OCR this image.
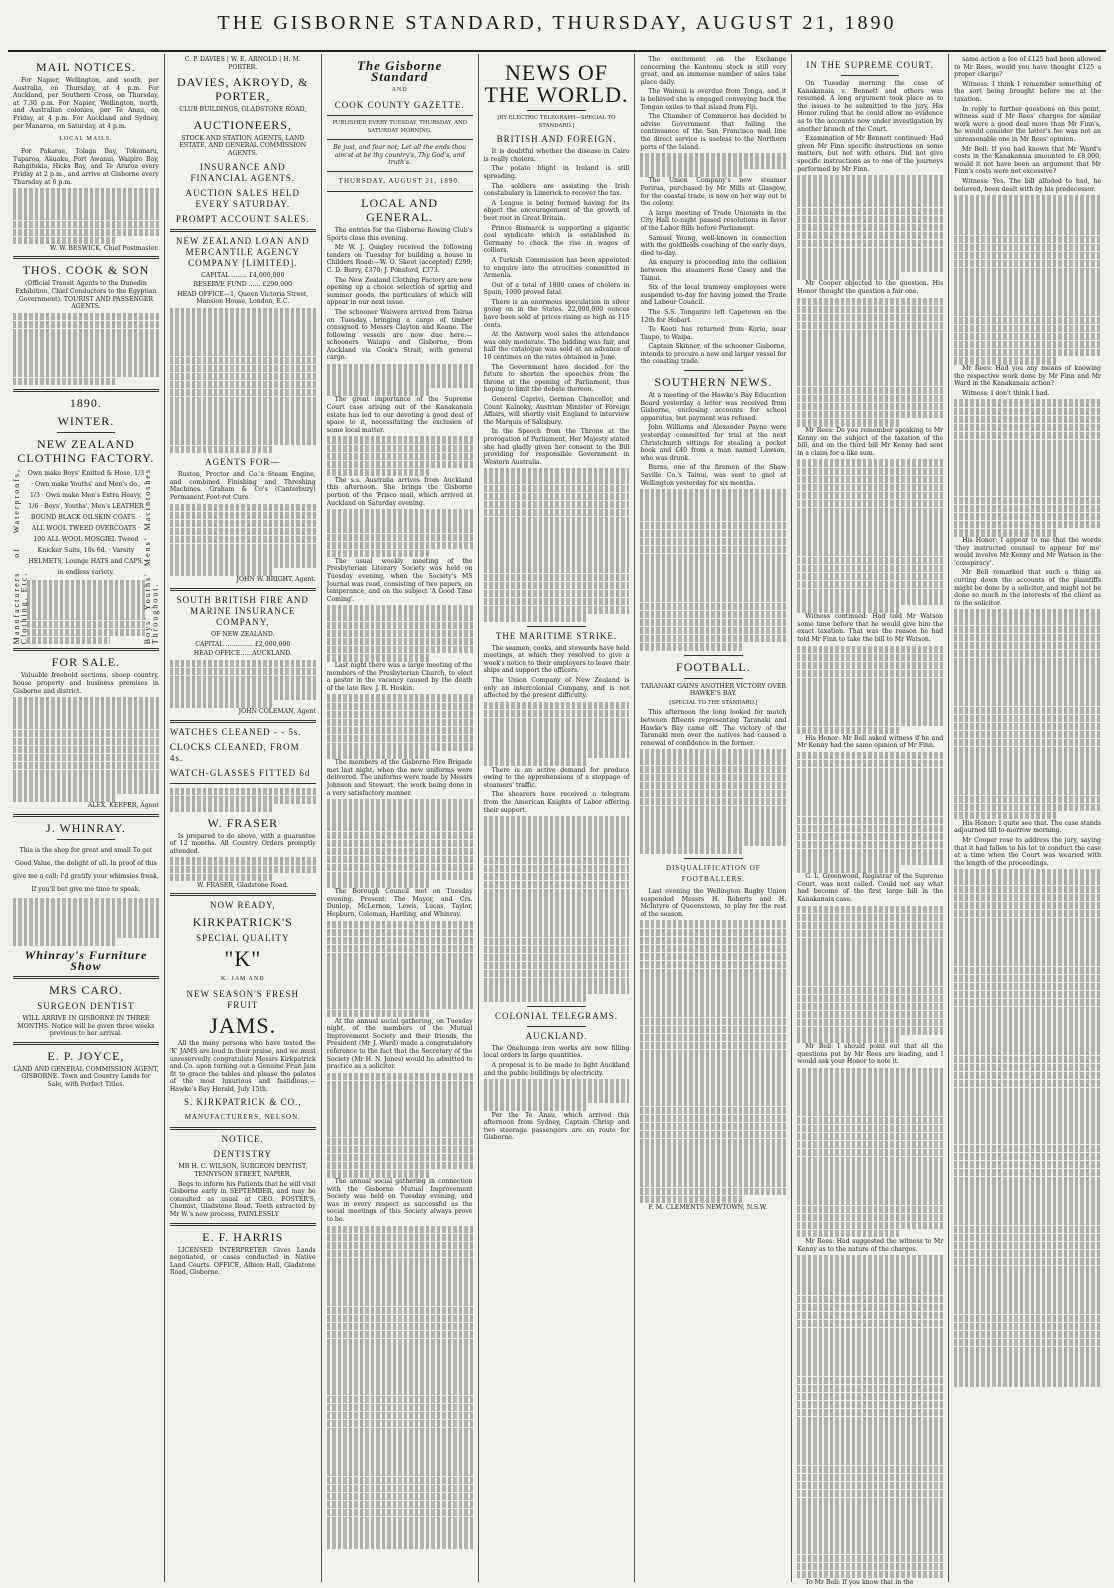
THE GISBORNE STANDARD, THURSDAY, AUGUST 21, 1890
MAIL NOTICES.

For Napier, Wellington, and south, per Australia, on Thursday, at 4 p.m. For Auckland, per Southern Cross, on Thursday, at 7.30 p.m. For Napier, Wellington, north, and Australian colonies, per Te Anau, on Friday, at 4 p.m. For Auckland and Sydney, per Manaroa, on Saturday, at 4 p.m.

LOCAL MAILS.

For Pakarae, Tolaga Bay, Tokomaru, Tuparoa, Akuaku, Port Awanui, Waipiro Bay, Rangitukia, Hicks Bay, and Te Araroa every Friday at 2 p.m., and arrive at Gisborne every Thursday at 6 p.m.

W. W. BESWICK, Chief Postmaster.

THOS. COOK & SON

(Official Transit Agents to the Dunedin Exhibition, Chief Conductors to the Egyptian Government). TOURIST AND PASSENGER AGENTS.

1890.
WINTER.
NEW ZEALAND CLOTHING FACTORY.
Manufacturers of Waterproofs, Clothing, Etc.	Boys' Youths' Mens' Macintoshes Throughout.

Own make Boys' Knitted & Hose, 1/3 · Own make Youths' and Men's do., 1/3 · Own make Men's Extra Heavy, 1/6 · Boys', Youths', Men's LEATHER BOUND BLACK OILSKIN COATS. · ALL WOOL TWEED OVERCOATS · 100 ALL WOOL MOSGIEL Tweed Knicker Suits, 10s 6d. · Varsity HELMETS, Lounge HATS and CAPS, in endless variety.

FOR SALE.

Valuable freehold sections, sheep country, house property and business premises in Gisborne and district.

ALEX. KEEFER, Agent

J. WHINRAY.

This is the shop for great and small To get Good Value, the delight of all. In proof of this give me a call; I'd gratify your whimsies freak, If you'll but give me time to speak.

Whinray's Furniture Show
MRS CARO.
SURGEON DENTIST

WILL ARRIVE IN GISBORNE IN THREE MONTHS. Notice will be given three weeks previous to her arrival.

E. P. JOYCE,

LAND AND GENERAL COMMISSION AGENT, GISBORNE. Town and Country Lands for Sale, with Perfect Titles.

C. P. DAVIES | W. E. ARNOLD | H. M. PORTER.

DAVIES, AKROYD, & PORTER,

CLUB BUILDINGS, GLADSTONE ROAD,

AUCTIONEERS,

STOCK AND STATION AGENTS, LAND ESTATE, AND GENERAL COMMISSION AGENTS.

INSURANCE AND FINANCIAL AGENTS.
AUCTION SALES HELD EVERY SATURDAY.
PROMPT ACCOUNT SALES.
NEW ZEALAND LOAN AND MERCANTILE AGENCY COMPANY [LIMITED].

CAPITAL ........ £4,000,000

RESERVE FUND ...... £290,000

HEAD OFFICE—1, Queen Victoria Street, Mansion House, London, E.C.

AGENTS FOR—

Ruston, Proctor and Co.'s Steam Engine, and combined Finishing and Threshing Machines. Graham & Co's (Canterbury) Permanent Foot-rot Cure.

JOHN W. BRIGHT, Agent.

SOUTH BRITISH FIRE AND MARINE INSURANCE COMPANY,

OF NEW ZEALAND.

CAPITAL .............. £2,000,000

HEAD OFFICE......AUCKLAND.

JOHN COLEMAN, Agent

WATCHES CLEANED - - 5s.
CLOCKS CLEANED, FROM 4s.
WATCH-GLASSES FITTED 6d
W. FRASER

Is prepared to do above, with a guarantee of 12 months. All Country Orders promptly attended.

W. FRASER, Gladstone Road.

NOW READY,
KIRKPATRICK'S
SPECIAL QUALITY
"K"
K. JAM AND
NEW SEASON'S FRESH FRUIT
JAMS.

All the many persons who have tested the 'K' JAMS are loud in their praise, and we must unreservedly congratulate Messrs Kirkpatrick and Co. upon turning out a Genuine Fruit Jam fit to grace the tables and please the palates of the most luxurious and fastidious.—Hawke's Bay Herald, July 15th.

S. KIRKPATRICK & CO.,
MANUFACTURERS, NELSON.
NOTICE.
DENTISTRY

MR H. C. WILSON, SURGEON DENTIST, TENNYSON STREET, NAPIER,

Begs to inform his Patients that he will visit Gisborne early in SEPTEMBER, and may be consulted as usual at GEO. FOSTER'S, Chemist, Gladstone Road. Teeth extracted by Mr W.'s new process, PAINLESSLY

E. F. HARRIS

LICENSED INTERPRETER Gives Lands negotiated, or cases conducted in Native Land Courts. OFFICE, Albion Hall, Gladstone Road, Gisborne.

The Gisborne Standard
AND
COOK COUNTY GAZETTE.

PUBLISHED EVERY TUESDAY, THURSDAY, AND SATURDAY MORNING.

Be just, and fear not; Let all the ends thou aim'st at be thy country's, Thy God's, and truth's.

THURSDAY, AUGUST 21, 1890.
LOCAL AND GENERAL.

The entries for the Gisborne Rowing Club's Sports close this evening.

Mr W. J. Quigley received the following tenders on Tuesday for building a house in Childers Road:—W. O. Skeet (accepted) £299; C. D. Berry, £370; J. Ponsford, £373.

The New Zealand Clothing Factory are now opening up a choice selection of spring and summer goods, the particulars of which will appear in our next issue.

The schooner Waiwera arrived from Tairua on Tuesday, bringing a cargo of timber consigned to Messrs Clayton and Keane. The following vessels are now due here:—schooners Waiapu and Gisborne, from Auckland via Cook's Strait, with general cargo.

The great importance of the Supreme Court case arising out of the Kanakanaia estate has led to our devoting a good deal of space to it, necessitating the exclusion of some local matter.

The s.s. Australia arrives from Auckland this afternoon. She brings the Gisborne portion of the 'Frisco mail, which arrived at Auckland on Saturday evening.

The usual weekly meeting of the Presbyterian Literary Society was held on Tuesday evening, when the Society's MS Journal was read, consisting of two papers, on temperance, and on the subject 'A Good Time Coming'.

Last night there was a large meeting of the members of the Presbyterian Church, to elect a pastor in the vacancy caused by the death of the late Rev. J. R. Hoskin.

The members of the Gisborne Fire Brigade met last night, when the new uniforms were delivered. The uniforms were made by Messrs Johnson and Stewart, the work being done in a very satisfactory manner.

The Borough Council met on Tuesday evening. Present: The Mayor, and Crs. Dunlop, McLernon, Lewis, Lucas, Taylor, Hepburn, Coleman, Harding, and Whinray.

At the annual social gathering, on Tuesday night, of the members of the Mutual Improvement Society and their friends, the President (Mr J. Ward) made a congratulatory reference to the fact that the Secretary of the Society (Mr H. N. Jones) would be admitted to practice as a solicitor.

The annual social gathering in connection with the Gisborne Mutual Improvement Society was held on Tuesday evening, and was in every respect as successful as the social meetings of this Society always prove to be.

NEWS OF THE WORLD.

[BY ELECTRIC TELEGRAPH—SPECIAL TO STANDARD.]

BRITISH AND FOREIGN.

It is doubtful whether the disease in Cairo is really cholera.

The potato blight in Ireland is still spreading.

The soldiers are assisting the Irish constabulary in Limerick to recover the tax.

A League is being formed having for its object the encouragement of the growth of beet root in Great Britain.

Prince Bismarck is supporting a gigantic coal syndicate which is established in Germany to check the rise in wages of colliers.

A Turkish Commission has been appointed to enquire into the atrocities committed in Armenia.

Out of a total of 1800 cases of cholera in Spain, 1000 proved fatal.

There is an enormous speculation in silver going on in the States. 22,000,000 ounces have been sold at prices rising as high as 115 cents.

At the Antwerp wool sales the attendance was only moderate. The bidding was fair, and half the catalogue was sold at an advance of 10 centimes on the rates obtained in June.

The Government have decided for the future to shorten the speeches from the throne at the opening of Parliament, thus hoping to limit the debate thereon.

General Caprivi, German Chancellor, and Count Kalnoky, Austrian Minister of Foreign Affairs, will shortly visit England to interview the Marquis of Salisbury.

In the Speech from the Throne at the prorogation of Parliament, Her Majesty stated she had gladly given her consent to the Bill providing for responsible Government in Western Australia.

THE MARITIME STRIKE.

The seamen, cooks, and stewards have held meetings, at which they resolved to give a week's notice to their employers to leave their ships and support the officers.

The Union Company of New Zealand is only an intercolonial Company, and is not affected by the present difficulty.

There is an active demand for produce owing to the apprehensions of a stoppage of steamers' traffic.

The shearers have received a telegram from the American Knights of Labor offering their support.

COLONIAL TELEGRAMS.
AUCKLAND.

The Onehunga iron works are now filling local orders in large quantities.

A proposal is to be made to light Auckland and the public buildings by electricity.

Per the Te Anau, which arrived this afternoon from Sydney, Captain Chrisp and two steerage passengers are en route for Gisborne.

The excitement on the Exchange concerning the Kantomu stock is still very great, and an immense number of sales take place daily.

The Waimui is overdue from Tonga, and it is believed she is engaged conveying back the Tongan exiles to that island from Fiji.

The Chamber of Commerce has decided to advise Government that failing the continuance of the San Francisco mail line the direct service is useless to the Northern ports of the Island.

The Union Company's new steamer Porirua, purchased by Mr Mills at Glasgow, for the coastal trade, is now on her way out to the colony.

A large meeting of Trade Unionists in the City Hall to-night passed resolutions in favor of the Labor Bills before Parliament.

Samuel Young, well-known in connection with the goldfields coaching of the early days, died to-day.

An enquiry is proceeding into the collision between the steamers Rose Casey and the Tainui.

Six of the local tramway employees were suspended to-day for having joined the Trade and Labour Council.

The S.S. Tongariro left Capetown on the 12th for Hobart.

Te Kooti has returned from Korio, near Taupo, to Waipa.

Captain Skinner, of the schooner Gisborne, intends to procure a new and larger vessel for the coasting trade.

SOUTHERN NEWS.

At a meeting of the Hawke's Bay Education Board yesterday a letter was received from Gisborne, enclosing accounts for school apparatus, but payment was refused.

John Williams and Alexander Payne were yesterday committed for trial at the next Christchurch sittings for stealing a pocket book and £40 from a man named Lawson, who was drunk.

Burns, one of the firemen of the Shaw Saville Co.'s Tainui, was sent to gaol at Wellington yesterday for six months.

FOOTBALL.

TARANAKI GAINS ANOTHER VICTORY OVER HAWKE'S BAY.

[SPECIAL TO THE STANDARD.]

This afternoon the long looked for match between fifteens representing Taranaki and Hawke's Bay came off. The victory of the Taranaki men over the natives had caused a renewal of confidence in the former.

DISQUALIFICATION OF FOOTBALLERS.

Last evening the Wellington Rugby Union suspended Messrs H. Roberts and H. McIntyre of Queenstown, to play for the rest of the season.

F. M. CLEMENTS NEWTOWN, N.S.W.

IN THE SUPREME COURT.

On Tuesday morning the case of Kanakanaia v. Bennett and others was resumed. A long argument took place as to the issues to be submitted to the jury, His Honor ruling that he could allow no evidence as to the accounts now under investigation by another branch of the Court.

Examination of Mr Bennett continued: Had given Mr Finn specific instructions on some matters, but not with others. Did not give specific instructions as to one of the journeys performed by Mr Finn.

Mr Cooper objected to the question. His Honor thought the question a fair one.

Mr Rees: Do you remember speaking to Mr Kenny on the subject of the taxation of the bill, and on the third bill Mr Kenny had sent in a claim for a like sum.

Witness continued: Had told Mr Watson some time before that he would give him the exact taxation. That was the reason he had told Mr Finn to take the bill to Mr Watson.

His Honor: Mr Bell asked witness if he and Mr Kenny had the same opinion of Mr Finn.

G. L. Greenwood, Registrar of the Supreme Court, was next called. Could not say what had become of the first large bill in the Kanakanaia case.

Mr Bell: I should point out that all the questions put by Mr Rees are leading, and I would ask your Honor to note it.

Mr Rees: Had suggested the witness to Mr Kenny as to the nature of the charges.

To Mr Bell: If you know that in the

same action a fee of £125 had been allowed to Mr Rees, would you have thought £125 a proper charge?

Witness: I think I remember something of the sort being brought before me at the taxation.

In reply to further questions on this point, witness said if Mr Rees' charges for similar work were a good deal more than Mr Finn's, he would consider the latter's fee was not an unreasonable one in Mr Rees' opinion.

Mr Bell: If you had known that Mr Ward's costs in the Kanakanaia amounted to £8,000, would it not have been an argument that Mr Finn's costs were not excessive?

Witness: Yes. The bill alluded to had, he believed, been dealt with by his predecessor.

Mr Rees: Had you any means of knowing the respective work done by Mr Finn and Mr Ward in the Kanakanaia action?

Witness: I don't think I had.

His Honor: I appear to me that the words 'they instructed counsel to appear for me' would involve Mr Kenny and Mr Watson in the 'conspiracy'.

Mr Bell remarked that such a thing as cutting down the accounts of the plaintiffs might be done by a solicitor, and might not be done so much in the interests of the client as to the solicitor.

His Honor: I quite see that. The case stands adjourned till to-morrow morning.

Mr Cooper rose to address the jury, saying that it had fallen to his lot to conduct the case at a time when the Court was wearied with the length of the proceedings.
